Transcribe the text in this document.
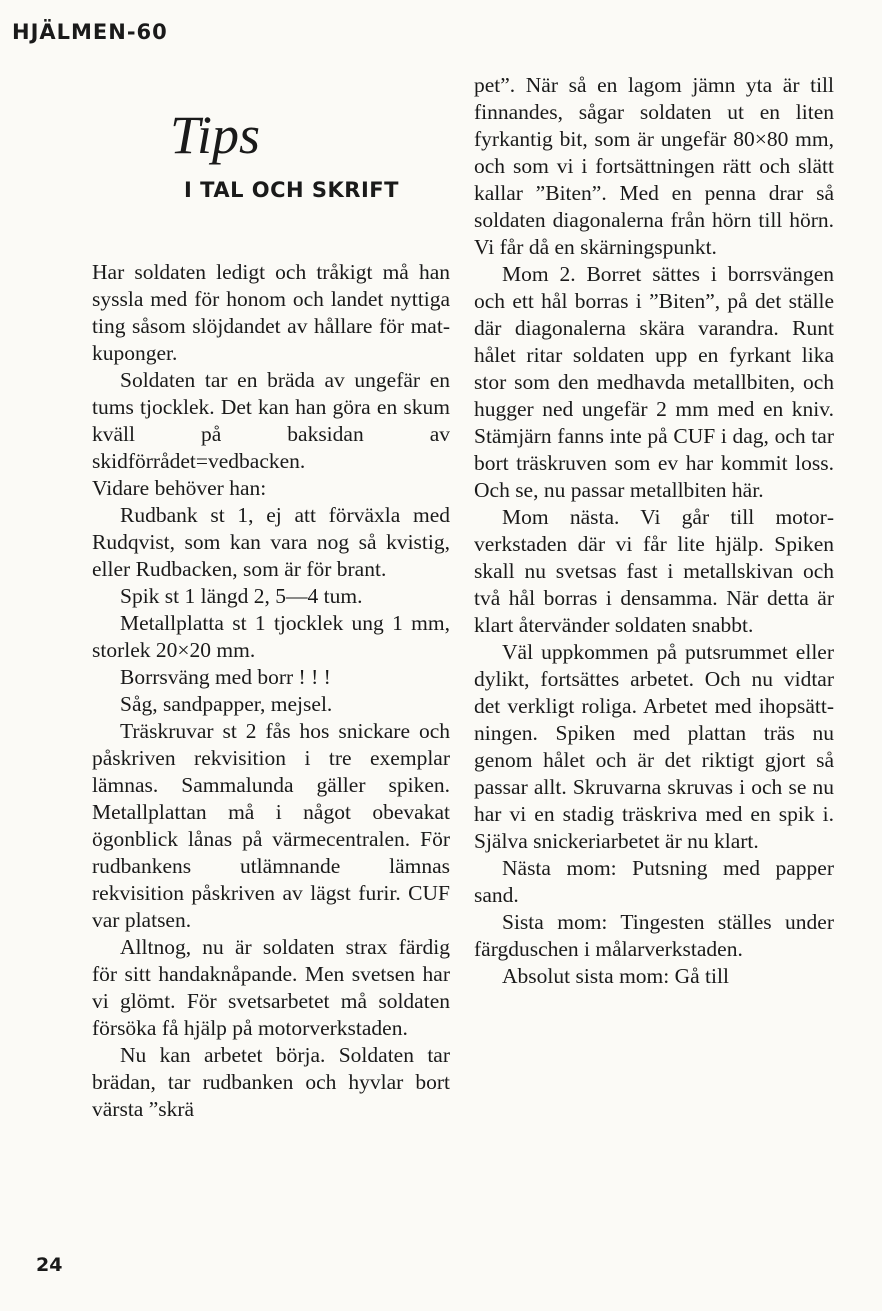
HJÄLMEN-60
Tips
I TAL OCH SKRIFT

Har soldaten ledigt och tråkigt må han syssla med för honom och landet nyttiga ting såsom slöjdandet av hållare för matkuponger.

Soldaten tar en bräda av ungefär en tums tjocklek. Det kan han göra en skum kväll på baksidan av skidförrådet=vedbacken.

Vidare behöver han:

Rudbank st 1, ej att förväxla med Rudqvist, som kan vara nog så kvistig, eller Rudbacken, som är för brant.

Spik st 1 längd 2, 5—4 tum.

Metallplatta st 1 tjocklek ung 1 mm, storlek 20×20 mm.

Borrsväng med borr ! ! !

Såg, sandpapper, mejsel.

Träskruvar st 2 fås hos snickare och påskriven rekvisition i tre exemplar lämnas. Sammalunda gäller spiken. Metallplattan må i något obevakat ögonblick lånas på värmecentralen. För rudbankens utlämnande lämnas rekvisition påskriven av lägst furir. CUF var platsen.

Alltnog, nu är soldaten strax färdig för sitt handaknåpande. Men svetsen har vi glömt. För svetsarbetet må soldaten försöka få hjälp på motorverkstaden.

Nu kan arbetet börja. Soldaten tar brädan, tar rudbanken och hyvlar bort värsta ”skrä

pet”. När så en lagom jämn yta är till finnandes, sågar soldaten ut en liten fyrkantig bit, som är ungefär 80×80 mm, och som vi i fortsättningen rätt och slätt kallar ”Biten”. Med en penna drar så soldaten diagonalerna från hörn till hörn. Vi får då en skärningspunkt.

Mom 2. Borret sättes i borrsvängen och ett hål borras i ”Biten”, på det ställe där diagonalerna skära varandra. Runt hålet ritar soldaten upp en fyrkant lika stor som den medhavda metallbiten, och hugger ned ungefär 2 mm med en kniv. Stämjärn fanns inte på CUF i dag, och tar bort träskruven som ev har kommit loss. Och se, nu passar metallbiten här.

Mom nästa. Vi går till motorverkstaden där vi får lite hjälp. Spiken skall nu svetsas fast i metallskivan och två hål borras i densamma. När detta är klart återvänder soldaten snabbt.

Väl uppkommen på putsrummet eller dylikt, fortsättes arbetet. Och nu vidtar det verkligt roliga. Arbetet med ihopsättningen. Spiken med plattan träs nu genom hålet och är det riktigt gjort så passar allt. Skruvarna skruvas i och se nu har vi en stadig träskriva med en spik i. Själva snickeriarbetet är nu klart.

Nästa mom: Putsning med papper sand.

Sista mom: Tingesten ställes under färgduschen i målarverkstaden.

Absolut sista mom: Gå till

24
